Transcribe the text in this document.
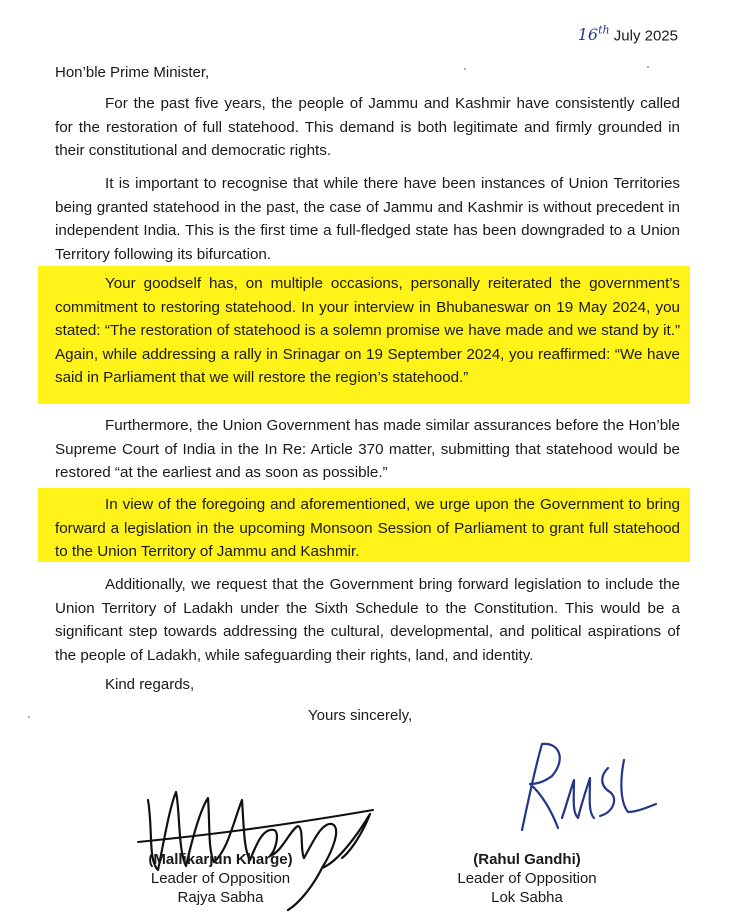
16th July 2025
Hon’ble Prime Minister,

For the past five years, the people of Jammu and Kashmir have consistently called for the restoration of full statehood. This demand is both legitimate and firmly grounded in their constitutional and democratic rights.

It is important to recognise that while there have been instances of Union Territories being granted statehood in the past, the case of Jammu and Kashmir is without precedent in independent India. This is the first time a full-fledged state has been downgraded to a Union Territory following its bifurcation.

Your goodself has, on multiple occasions, personally reiterated the government’s commitment to restoring statehood. In your interview in Bhubaneswar on 19 May 2024, you stated: “The restoration of statehood is a solemn promise we have made and we stand by it.” Again, while addressing a rally in Srinagar on 19 September 2024, you reaffirmed: “We have said in Parliament that we will restore the region’s statehood.”

Furthermore, the Union Government has made similar assurances before the Hon’ble Supreme Court of India in the In Re: Article 370 matter, submitting that statehood would be restored “at the earliest and as soon as possible.”

In view of the foregoing and aforementioned, we urge upon the Government to bring forward a legislation in the upcoming Monsoon Session of Parliament to grant full statehood to the Union Territory of Jammu and Kashmir.

Additionally, we request that the Government bring forward legislation to include the Union Territory of Ladakh under the Sixth Schedule to the Constitution. This would be a significant step towards addressing the cultural, developmental, and political aspirations of the people of Ladakh, while safeguarding their rights, land, and identity.

Kind regards,
Yours sincerely,
(Mallikarjun Kharge)
Leader of Opposition
Rajya Sabha
(Rahul Gandhi)
Leader of Opposition
Lok Sabha
